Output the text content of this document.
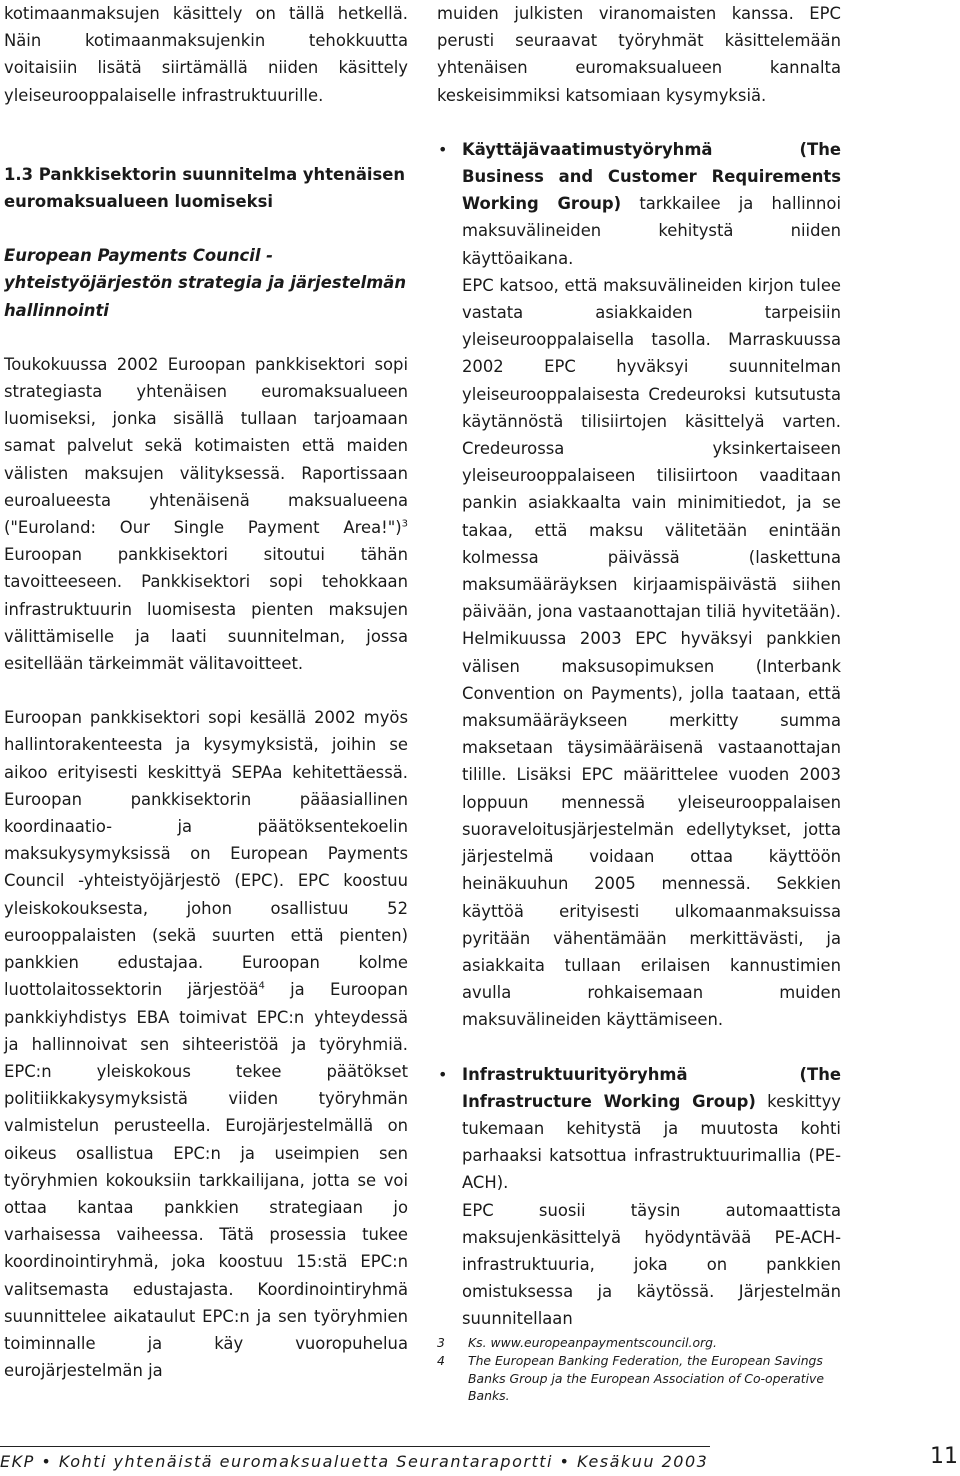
kotimaanmaksujen käsittely on tällä hetkellä. Näin kotimaanmaksujenkin tehokkuutta voitaisiin lisätä siirtämällä niiden käsittely yleiseurooppalaiselle infrastruktuurille.

1.3 Pankkisektorin suunnitelma yhtenäisen euromaksualueen luomiseksi

European Payments Council -yhteistyöjärjestön strategia ja järjestelmän hallinnointi

Toukokuussa 2002 Euroopan pankkisektori sopi strategiasta yhtenäisen euromaksualueen luomiseksi, jonka sisällä tullaan tarjoamaan samat palvelut sekä kotimaisten että maiden välisten maksujen välityksessä. Raportissaan euroalueesta yhtenäisenä maksualueena ("Euroland: Our Single Payment Area!")$^3$ Euroopan pankkisektori sitoutui tähän tavoitteeseen. Pankkisektori sopi tehokkaan infrastruktuurin luomisesta pienten maksujen välittämiselle ja laati suunnitelman, jossa esitellään tärkeimmät välitavoitteet.

Euroopan pankkisektori sopi kesällä 2002 myös hallintorakenteesta ja kysymyksistä, joihin se aikoo erityisesti keskittyä SEPAa kehitettäessä. Euroopan pankkisektorin pääasiallinen koordinaatio- ja päätöksentekoelin maksukysymyksissä on European Payments Council -yhteistyöjärjestö (EPC). EPC koostuu yleiskokouksesta, johon osallistuu 52 eurooppalaisten (sekä suurten että pienten) pankkien edustajaa. Euroopan kolme luottolaitossektorin järjestöä$^4$ ja Euroopan pankkiyhdistys EBA toimivat EPC:n yhteydessä ja hallinnoivat sen sihteeristöä ja työryhmiä. EPC:n yleiskokous tekee päätökset politiikkakysymyksistä viiden työryhmän valmistelun perusteella. Eurojärjestelmällä on oikeus osallistua EPC:n ja useimpien sen työryhmien kokouksiin tarkkailijana, jotta se voi ottaa kantaa pankkien strategiaan jo varhaisessa vaiheessa. Tätä prosessia tukee koordinointiryhmä, joka koostuu 15:stä EPC:n valitsemasta edustajasta. Koordinointiryhmä suunnittelee aikataulut EPC:n ja sen työryhmien toiminnalle ja käy vuoropuhelua eurojärjestelmän ja

muiden julkisten viranomaisten kanssa. EPC perusti seuraavat työryhmät käsittelemään yhtenäisen euromaksualueen kannalta keskeisimmiksi katsomiaan kysymyksiä.

• Käyttäjävaatimustyöryhmä (The Business and Customer Requirements Working Group) tarkkailee ja hallinnoi maksuvälineiden kehitystä niiden käyttöaikana.

EPC katsoo, että maksuvälineiden kirjon tulee vastata asiakkaiden tarpeisiin yleiseurooppalaisella tasolla. Marraskuussa 2002 EPC hyväksyi suunnitelman yleiseurooppalaisesta Credeuroksi kutsutusta käytännöstä tilisiirtojen käsittelyä varten. Credeurossa yksinkertaiseen yleiseurooppalaiseen tilisiirtoon vaaditaan pankin asiakkaalta vain minimitiedot, ja se takaa, että maksu välitetään enintään kolmessa päivässä (laskettuna maksumääräyksen kirjaamispäivästä siihen päivään, jona vastaanottajan tiliä hyvitetään). Helmikuussa 2003 EPC hyväksyi pankkien välisen maksusopimuksen (Interbank Convention on Payments), jolla taataan, että maksumääräykseen merkitty summa maksetaan täysimääräisenä vastaanottajan tilille. Lisäksi EPC määrittelee vuoden 2003 loppuun mennessä yleiseurooppalaisen suoraveloitusjärjestelmän edellytykset, jotta järjestelmä voidaan ottaa käyttöön heinäkuuhun 2005 mennessä. Sekkien käyttöä erityisesti ulkomaanmaksuissa pyritään vähentämään merkittävästi, ja asiakkaita tullaan erilaisen kannustimien avulla rohkaisemaan muiden maksuvälineiden käyttämiseen.

• Infrastruktuurityöryhmä (The Infrastructure Working Group) keskittyy tukemaan kehitystä ja muutosta kohti parhaaksi katsottua infrastruktuurimallia (PE-ACH).

EPC suosii täysin automaattista maksujenkäsittelyä hyödyntävää PE-ACH-infrastruktuuria, joka on pankkien omistuksessa ja käytössä. Järjestelmän suunnitellaan

3 Ks. www.europeanpaymentscouncil.org.
4 The European Banking Federation, the European Savings Banks Group ja the European Association of Co-operative Banks.
EKP • Kohti yhtenäistä euromaksualuetta Seurantaraportti • Kesäkuu 2003	11
